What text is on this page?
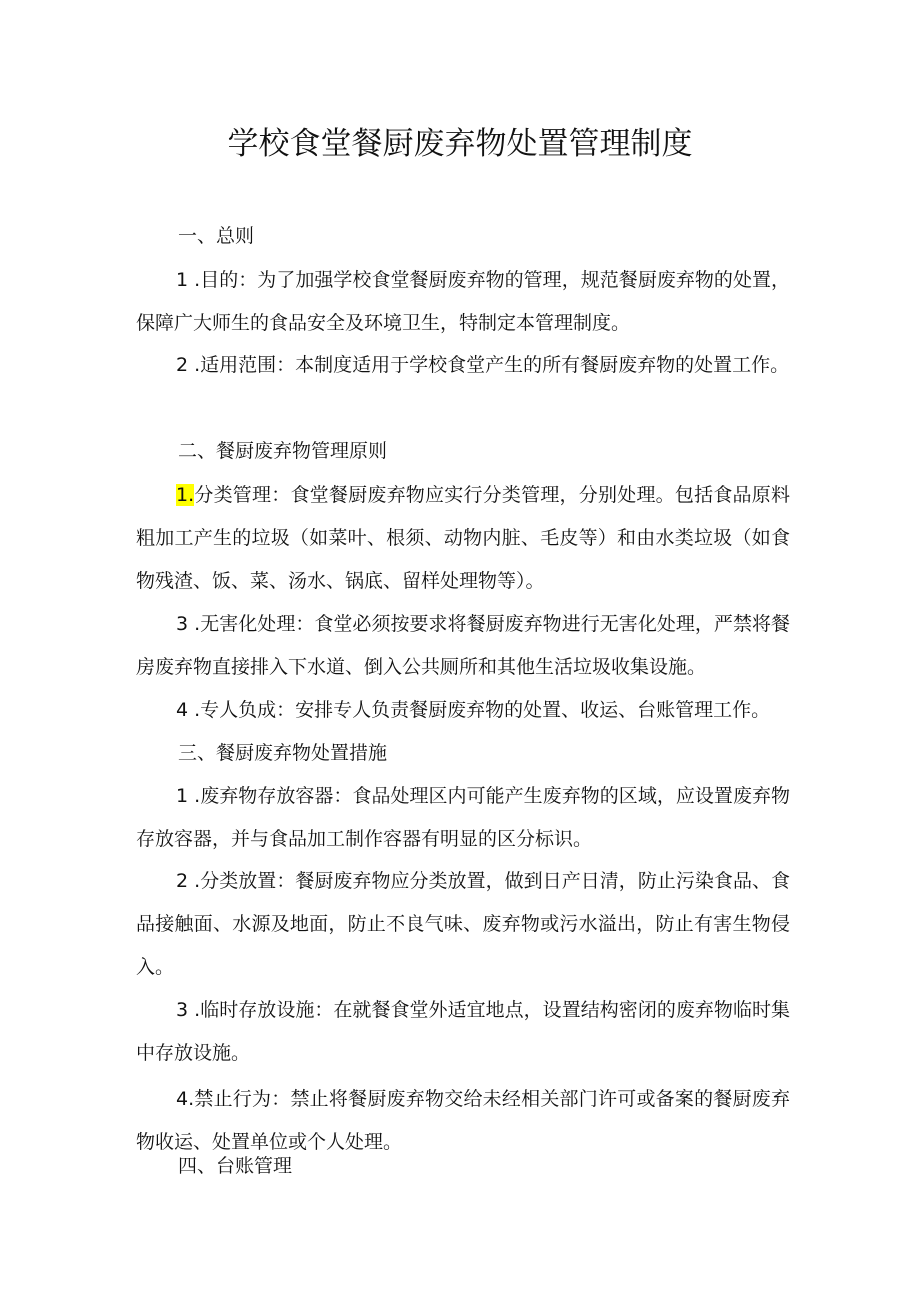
学校食堂餐厨废弃物处置管理制度

一、总则

1 .目的：为了加强学校食堂餐厨废弃物的管理，规范餐厨废弃物的处置，保障广大师生的食品安全及环境卫生，特制定本管理制度。

2 .适用范围：本制度适用于学校食堂产生的所有餐厨废弃物的处置工作。

二、餐厨废弃物管理原则

1.分类管理：食堂餐厨废弃物应实行分类管理，分别处理。包括食品原料粗加工产生的垃圾（如菜叶、根须、动物内脏、毛皮等）和由水类垃圾（如食物残渣、饭、菜、汤水、锅底、留样处理物等）。

3 .无害化处理：食堂必须按要求将餐厨废弃物进行无害化处理，严禁将餐房废弃物直接排入下水道、倒入公共厕所和其他生活垃圾收集设施。

4 .专人负成：安排专人负责餐厨废弃物的处置、收运、台账管理工作。

三、餐厨废弃物处置措施

1 .废弃物存放容器：食品处理区内可能产生废弃物的区域，应设置废弃物存放容器，并与食品加工制作容器有明显的区分标识。

2 .分类放置：餐厨废弃物应分类放置，做到日产日清，防止污染食品、食品接触面、水源及地面，防止不良气味、废弃物或污水溢出，防止有害生物侵入。

3 .临时存放设施：在就餐食堂外适宜地点，设置结构密闭的废弃物临时集中存放设施。

4.禁止行为：禁止将餐厨废弃物交给未经相关部门许可或备案的餐厨废弃物收运、处置单位或个人处理。

四、台账管理
